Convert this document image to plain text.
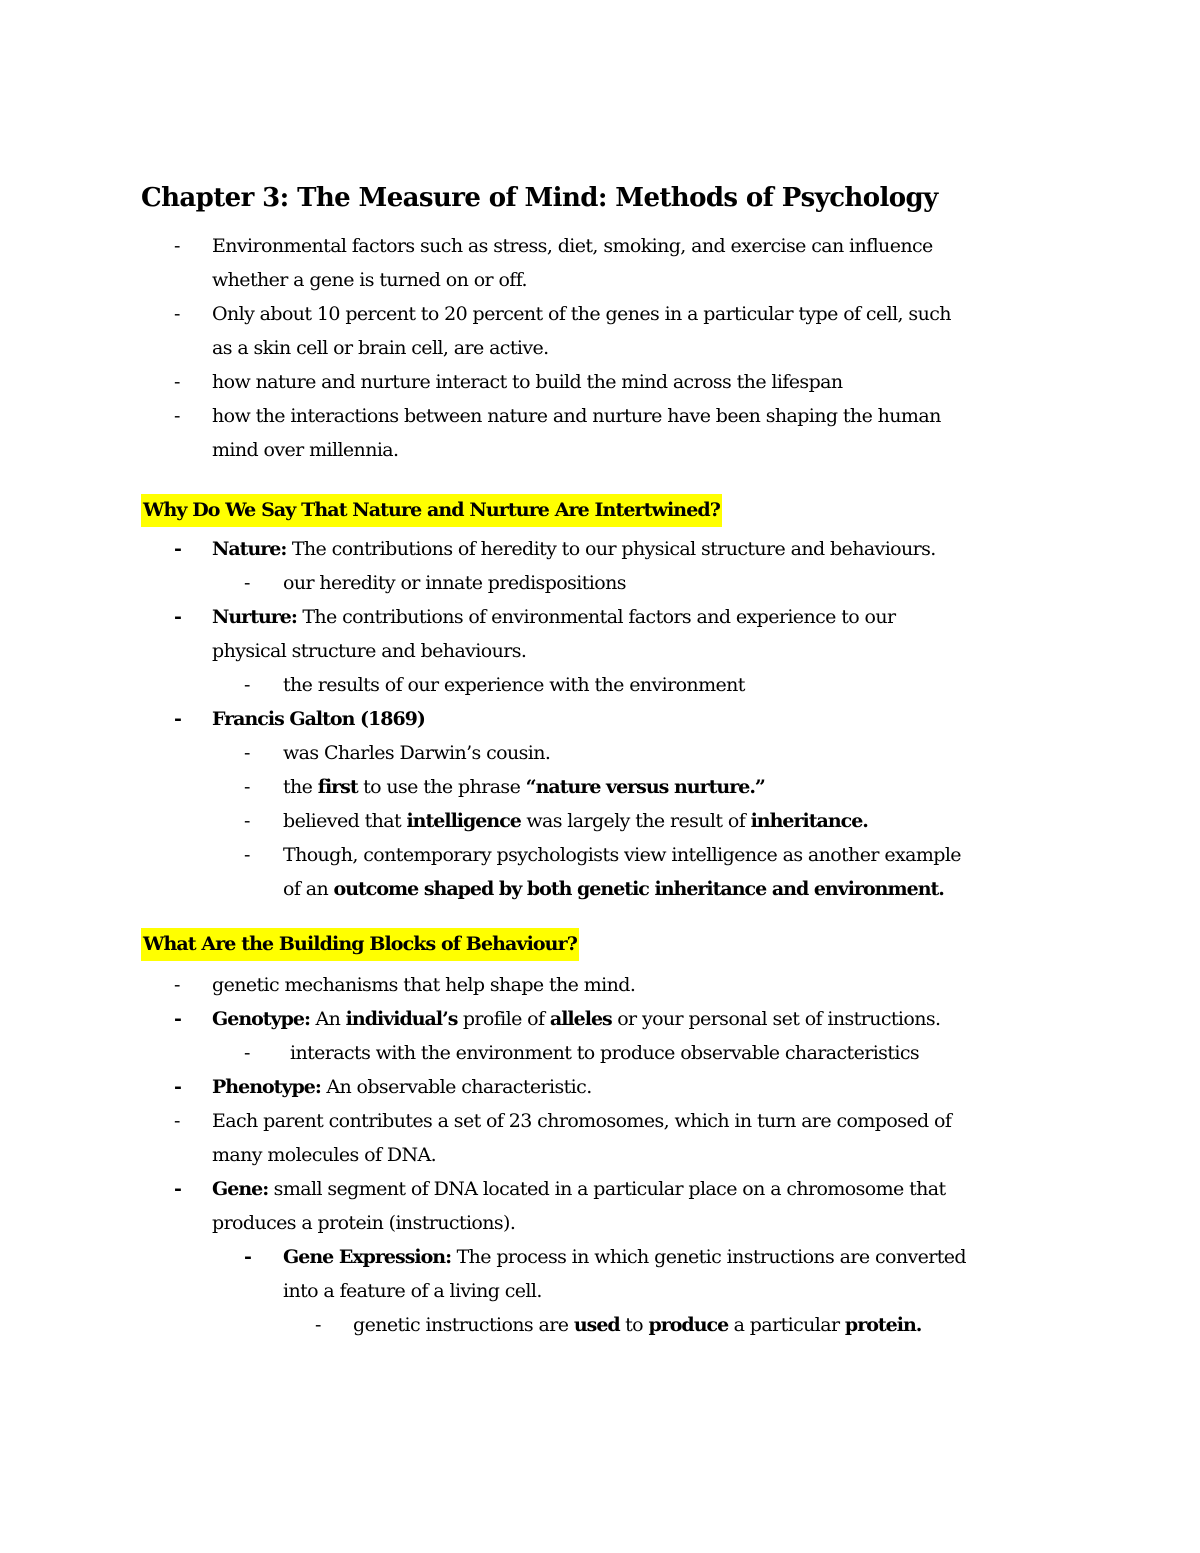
Chapter 3: The Measure of Mind: Methods of Psychology
- Environmental factors such as stress, diet, smoking, and exercise can influence
whether a gene is turned on or off.
- Only about 10 percent to 20 percent of the genes in a particular type of cell, such
as a skin cell or brain cell, are active.
- how nature and nurture interact to build the mind across the lifespan
- how the interactions between nature and nurture have been shaping the human
mind over millennia.
Why Do We Say That Nature and Nurture Are Intertwined?
- Nature: The contributions of heredity to our physical structure and behaviours.
- our heredity or innate predispositions
- Nurture: The contributions of environmental factors and experience to our
physical structure and behaviours.
- the results of our experience with the environment
- Francis Galton (1869)
- was Charles Darwin’s cousin.
- the first to use the phrase “nature versus nurture.”
- believed that intelligence was largely the result of inheritance.
- Though, contemporary psychologists view intelligence as another example
of an outcome shaped by both genetic inheritance and environment.
What Are the Building Blocks of Behaviour?
- genetic mechanisms that help shape the mind.
- Genotype: An individual’s profile of alleles or your personal set of instructions.
- interacts with the environment to produce observable characteristics
- Phenotype: An observable characteristic.
- Each parent contributes a set of 23 chromosomes, which in turn are composed of
many molecules of DNA.
- Gene: small segment of DNA located in a particular place on a chromosome that
produces a protein (instructions).
- Gene Expression: The process in which genetic instructions are converted
into a feature of a living cell.
- genetic instructions are used to produce a particular protein.
